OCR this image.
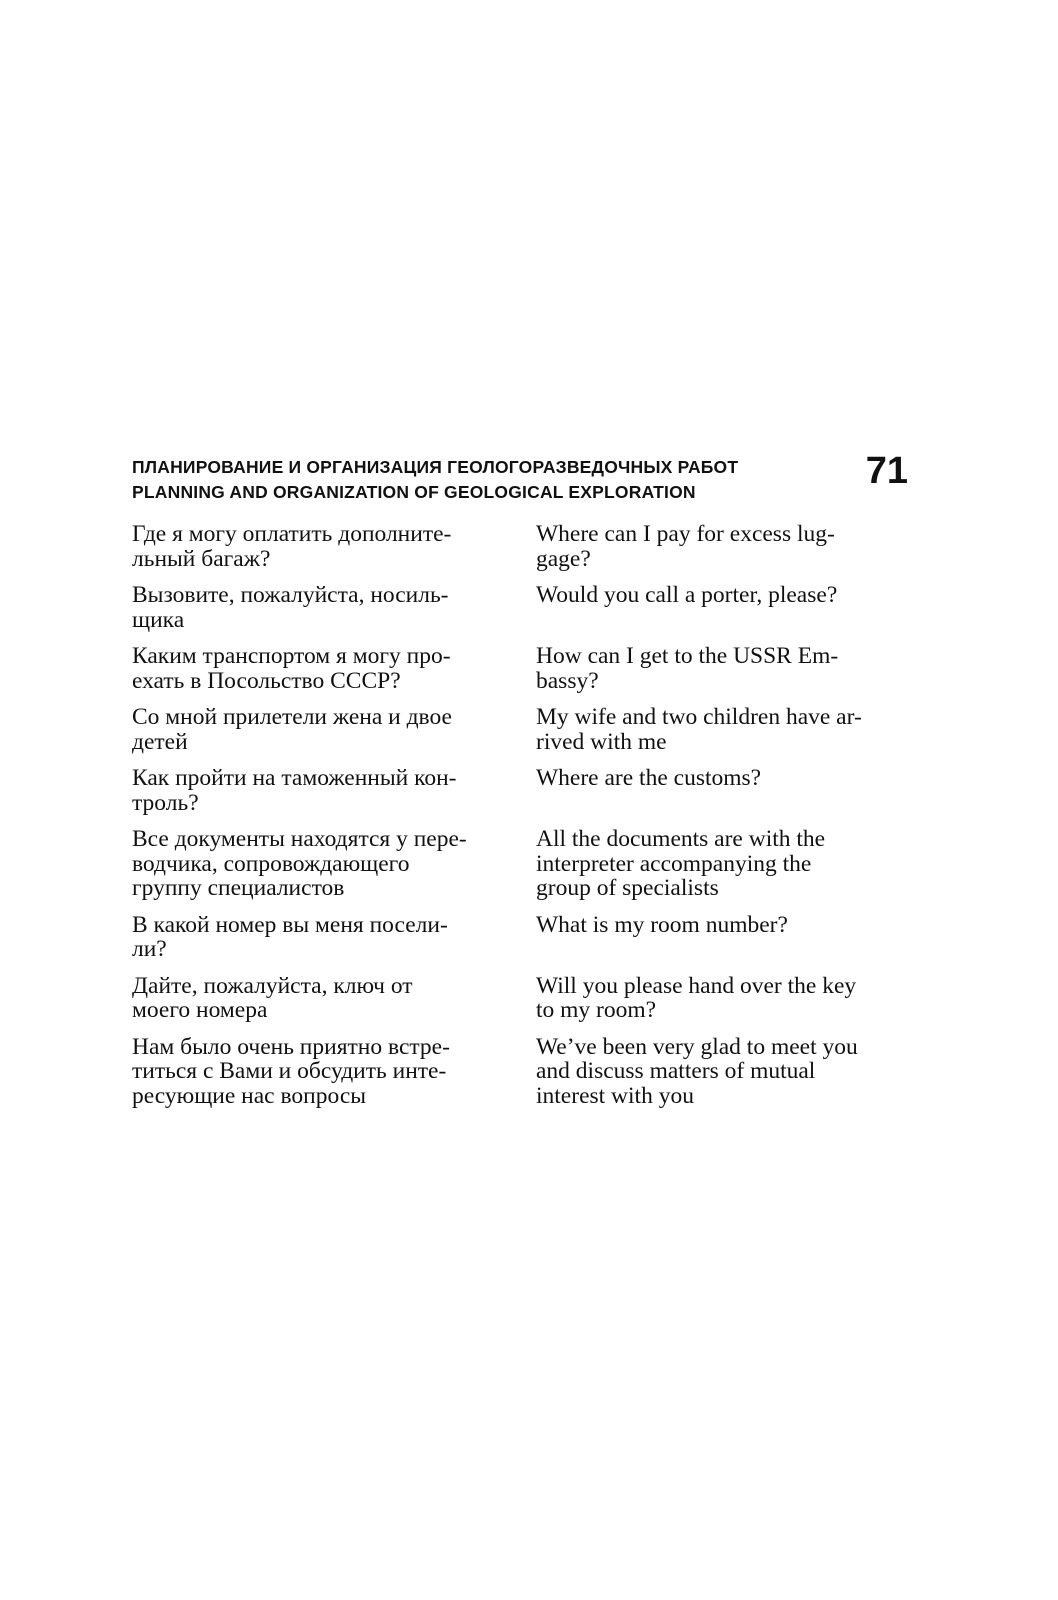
ПЛАНИРОВАНИЕ И ОРГАНИЗАЦИЯ ГЕОЛОГОРАЗВЕДОЧНЫХ РАБОТ
PLANNING AND ORGANIZATION OF GEOLOGICAL EXPLORATION	71
Где я могу оплатить дополните-
льный багаж?
Where can I pay for excess lug-
gage?
Вызовите, пожалуйста, носиль-
щика
Would you call a porter, please?
Каким транспортом я могу про-
ехать в Посольство СССР?
How can I get to the USSR Em-
bassy?
Со мной прилетели жена и двое
детей
My wife and two children have ar-
rived with me
Как пройти на таможенный кон-
троль?
Where are the customs?
Все документы находятся у пере-
водчика, сопровождающего
группу специалистов
All the documents are with the
interpreter accompanying the
group of specialists
В какой номер вы меня посели-
ли?
What is my room number?
Дайте, пожалуйста, ключ от
моего номера
Will you please hand over the key
to my room?
Нам было очень приятно встре-
титься с Вами и обсудить инте-
ресующие нас вопросы
We’ve been very glad to meet you
and discuss matters of mutual
interest with you
